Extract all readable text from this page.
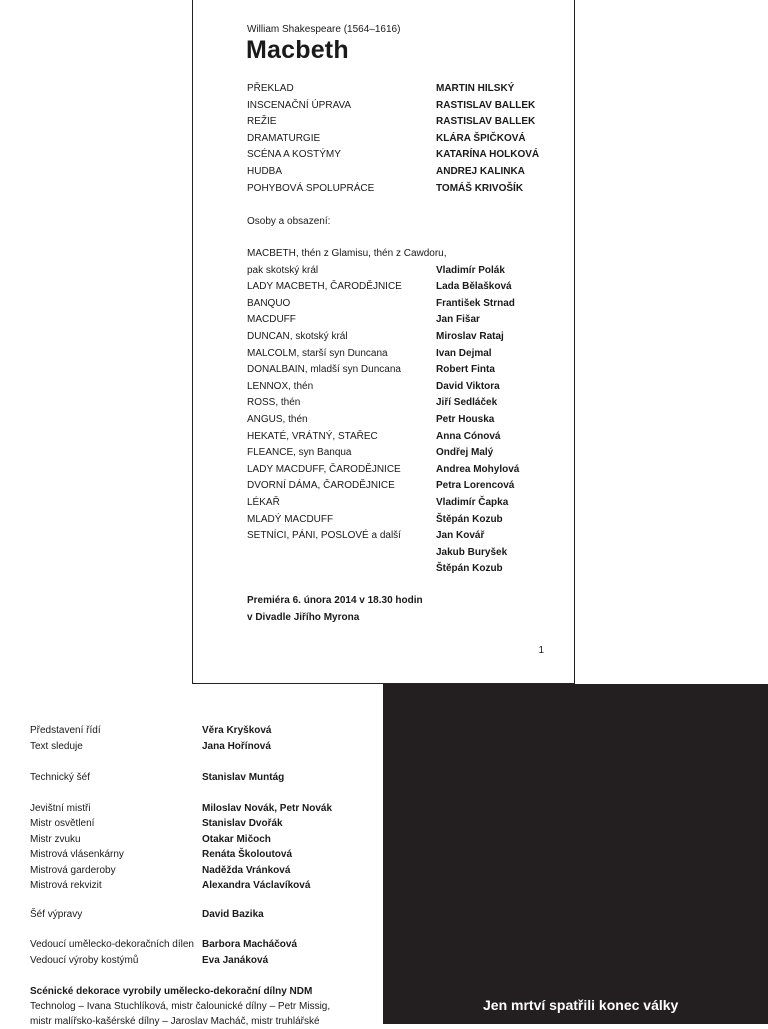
William Shakespeare (1564–1616)
Macbeth
PŘEKLAD	MARTIN HILSKÝ
INSCENAČNÍ ÚPRAVA	RASTISLAV BALLEK
REŽIE	RASTISLAV BALLEK
DRAMATURGIE	KLÁRA ŠPIČKOVÁ
SCÉNA A KOSTÝMY	KATARÍNA HOLKOVÁ
HUDBA	ANDREJ KALINKA
POHYBOVÁ SPOLUPRÁCE	TOMÁŠ KRIVOŠÍK
Osoby a obsazení:
MACBETH, thén z Glamisu, thén z Cawdoru,
pak skotský král	Vladimír Polák
LADY MACBETH, ČARODĚJNICE	Lada Bělašková
BANQUO	František Strnad
MACDUFF	Jan Fišar
DUNCAN, skotský král	Miroslav Rataj
MALCOLM, starší syn Duncana	Ivan Dejmal
DONALBAIN, mladší syn Duncana	Robert Finta
LENNOX, thén	David Viktora
ROSS, thén	Jiří Sedláček
ANGUS, thén	Petr Houska
HEKATÉ, VRÁTNÝ, STAŘEC	Anna Cónová
FLEANCE, syn Banqua	Ondřej Malý
LADY MACDUFF, ČARODĚJNICE	Andrea Mohylová
DVORNÍ DÁMA, ČARODĚJNICE	Petra Lorencová
LÉKAŘ	Vladimír Čapka
MLADÝ MACDUFF	Štěpán Kozub
SETNÍCI, PÁNI, POSLOVÉ a další	Jan Kovář
Jakub Buryšek
Štěpán Kozub
Premiéra 6. února 2014 v 18.30 hodin
v Divadle Jiřího Myrona
1
Představení řídí	Věra Kryšková
Text sleduje	Jana Hořínová
Technický šéf	Stanislav Muntág
Jevištní mistři	Miloslav Novák, Petr Novák
Mistr osvětlení	Stanislav Dvořák
Mistr zvuku	Otakar Mičoch
Mistrová vlásenkárny	Renáta Školoutová
Mistrová garderoby	Naděžda Vránková
Mistrová rekvizit	Alexandra Václavíková
Šéf výpravy	David Bazika
Vedoucí umělecko-dekoračních dílen Barbora Macháčová
Vedoucí výroby kostýmů	Eva Janáková
Scénické dekorace vyrobily umělecko-dekorační dílny NDM
Technolog – Ivana Stuchlíková, mistr čalounické dílny – Petr Missig,
mistr malířsko-kašérské dílny – Jaroslav Macháč, mistr truhlářské
Jen mrtví spatřili konec války
